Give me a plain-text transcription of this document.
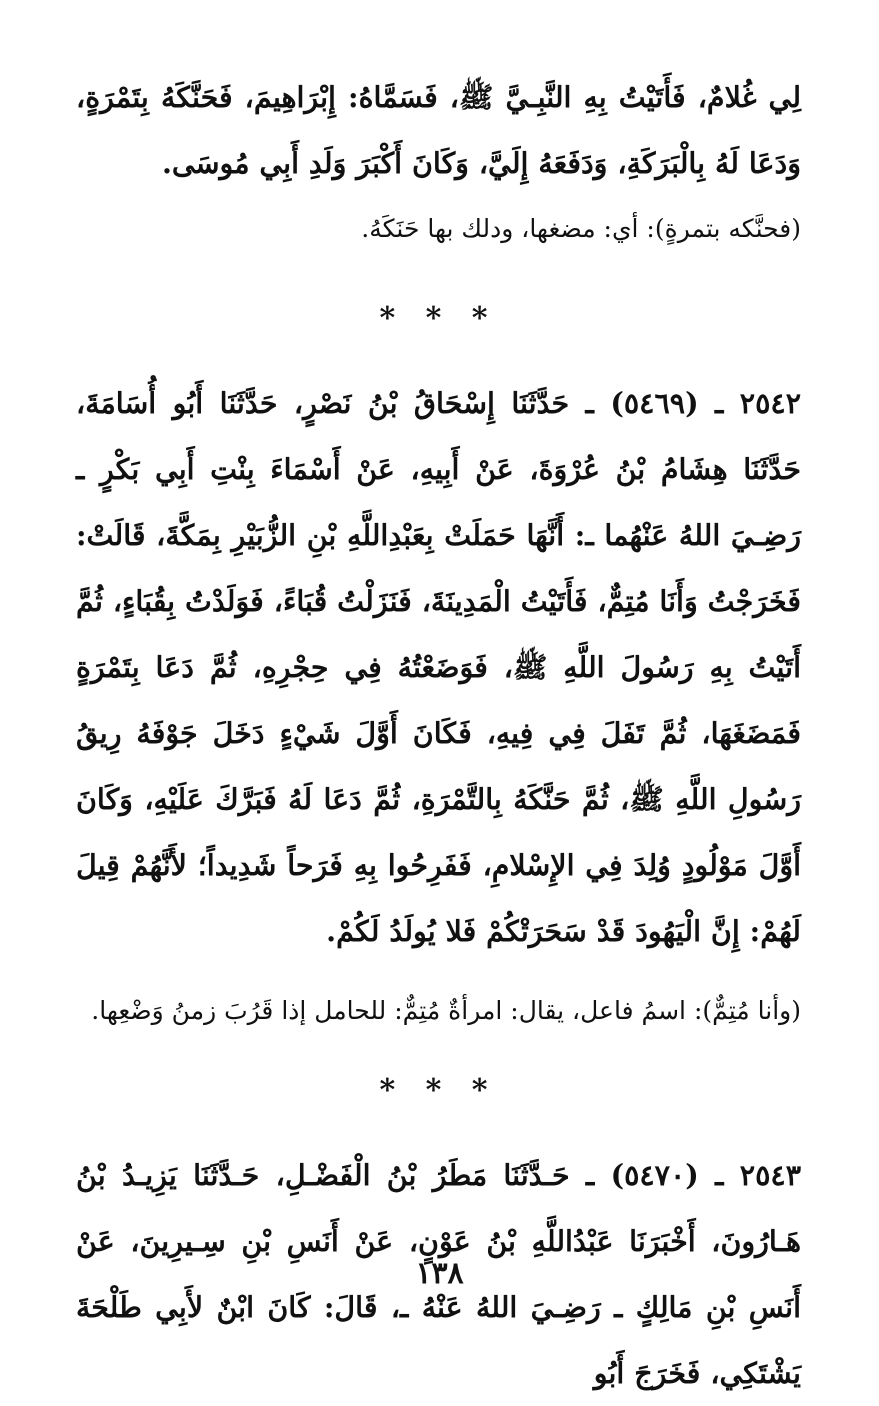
لِي غُلامٌ، فَأَتَيْتُ بِهِ النَّبِـيَّ ﷺ، فَسَمَّاهُ: إِبْرَاهِيمَ، فَحَنَّكَهُ بِتَمْرَةٍ، وَدَعَا لَهُ بِالْبَرَكَةِ، وَدَفَعَهُ إِلَيَّ، وَكَانَ أَكْبَرَ وَلَدِ أَبِي مُوسَى.

(فحنَّكه بتمرةٍ): أي: مضغها، ودلك بها حَنَكَهُ.

* * *

٢٥٤٢ ـ (٥٤٦٩) ـ حَدَّثَنَا إِسْحَاقُ بْنُ نَصْرٍ، حَدَّثَنَا أَبُو أُسَامَةَ، حَدَّثَنَا هِشَامُ بْنُ عُرْوَةَ، عَنْ أَبِيهِ، عَنْ أَسْمَاءَ بِنْتِ أَبِي بَكْرٍ ـ رَضِـيَ اللهُ عَنْهُما ـ: أَنَّهَا حَمَلَتْ بِعَبْدِاللَّهِ بْنِ الزُّبَيْرِ بِمَكَّةَ، قَالَتْ: فَخَرَجْتُ وَأَنَا مُتِمٌّ، فَأَتَيْتُ الْمَدِينَةَ، فَنَزَلْتُ قُبَاءً، فَوَلَدْتُ بِقُبَاءٍ، ثُمَّ أَتَيْتُ بِهِ رَسُولَ اللَّهِ ﷺ، فَوَضَعْتُهُ فِي حِجْرِهِ، ثُمَّ دَعَا بِتَمْرَةٍ فَمَضَغَهَا، ثُمَّ تَفَلَ فِي فِيهِ، فَكَانَ أَوَّلَ شَيْءٍ دَخَلَ جَوْفَهُ رِيقُ رَسُولِ اللَّهِ ﷺ، ثُمَّ حَنَّكَهُ بِالتَّمْرَةِ، ثُمَّ دَعَا لَهُ فَبَرَّكَ عَلَيْهِ، وَكَانَ أَوَّلَ مَوْلُودٍ وُلِدَ فِي الإِسْلامِ، فَفَرِحُوا بِهِ فَرَحاً شَدِيداً؛ لأَنَّهُمْ قِيلَ لَهُمْ: إِنَّ الْيَهُودَ قَدْ سَحَرَتْكُمْ فَلا يُولَدُ لَكُمْ.

(وأنا مُتِمٌّ): اسمُ فاعل، يقال: امرأةٌ مُتِمٌّ: للحامل إذا قَرُبَ زمنُ وَضْعِها.

* * *

٢٥٤٣ ـ (٥٤٧٠) ـ حَـدَّثَنَا مَطَرُ بْنُ الْفَضْـلِ، حَـدَّثَنَا يَزِيـدُ بْنُ هَـارُونَ، أَخْبَرَنَا عَبْدُاللَّهِ بْنُ عَوْنٍ، عَنْ أَنَسِ بْنِ سِـيرِينَ، عَنْ أَنَسِ بْنِ مَالِكٍ ـ رَضِـيَ اللهُ عَنْهُ ـ، قَالَ: كَانَ ابْنٌ لأَبِي طَلْحَةَ يَشْتَكِي، فَخَرَجَ أَبُو

١٣٨
